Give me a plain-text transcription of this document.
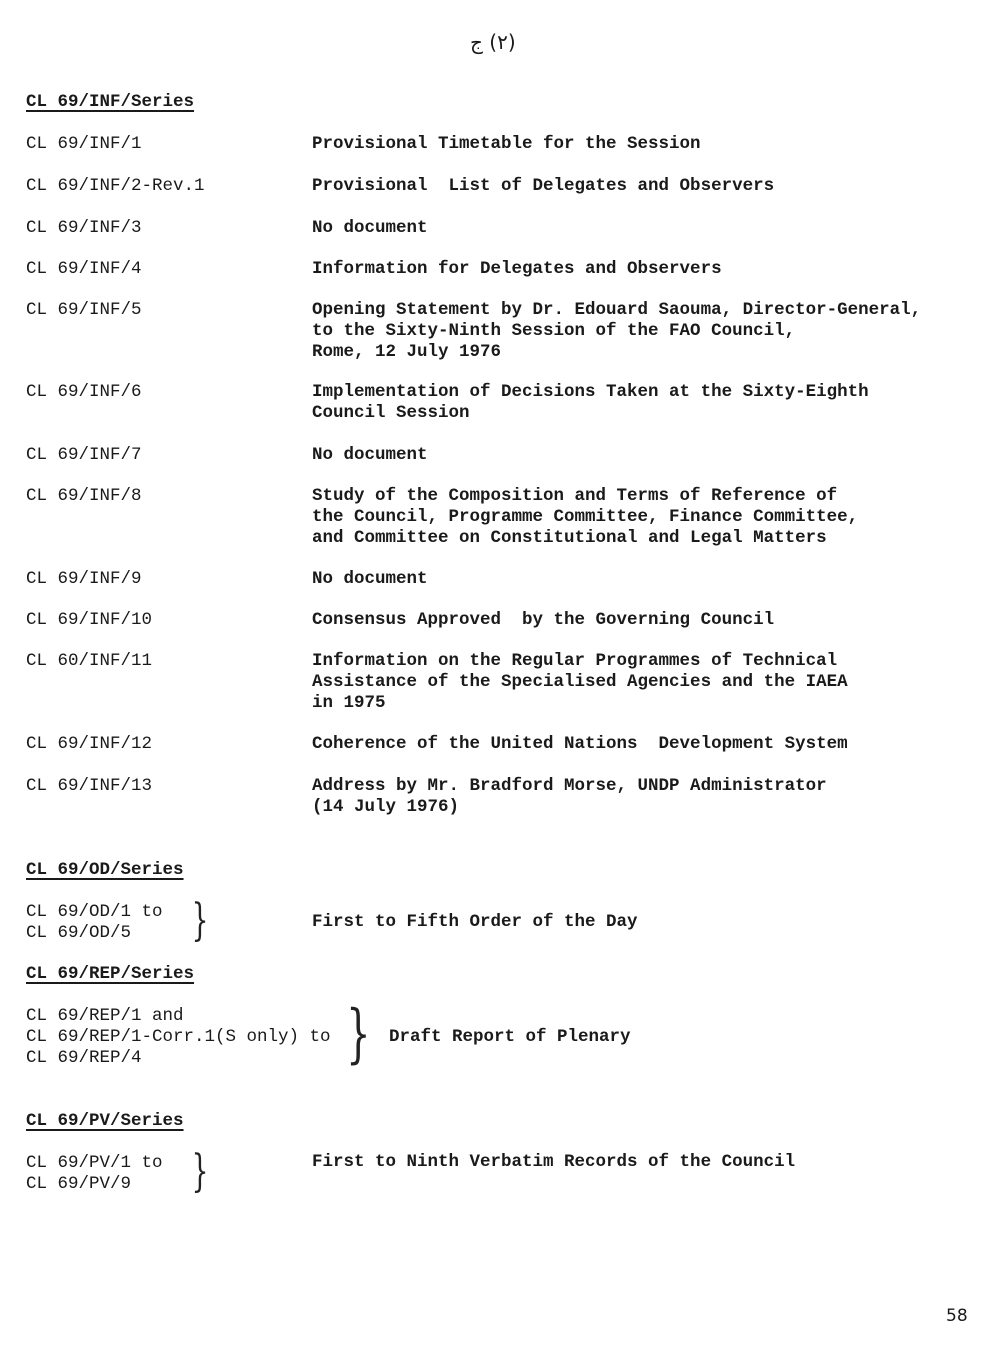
(٢) ج
CL 69/INF/Series
CL 69/INF/1	Provisional Timetable for the Session
CL 69/INF/2-Rev.1	Provisional  List of Delegates and Observers
CL 69/INF/3	No document
CL 69/INF/4	Information for Delegates and Observers
CL 69/INF/5	Opening Statement by Dr. Edouard Saouma, Director-General,
to the Sixty-Ninth Session of the FAO Council,
Rome, 12 July 1976
CL 69/INF/6	Implementation of Decisions Taken at the Sixty-Eighth
Council Session
CL 69/INF/7	No document
CL 69/INF/8	Study of the Composition and Terms of Reference of
the Council, Programme Committee, Finance Committee,
and Committee on Constitutional and Legal Matters
CL 69/INF/9	No document
CL 69/INF/10	Consensus Approved  by the Governing Council
CL 60/INF/11	Information on the Regular Programmes of Technical
Assistance of the Specialised Agencies and the IAEA
in 1975
CL 69/INF/12	Coherence of the United Nations  Development System
CL 69/INF/13	Address by Mr. Bradford Morse, UNDP Administrator
(14 July 1976)
CL 69/OD/Series
CL 69/OD/1 to
CL 69/OD/5	}	First to Fifth Order of the Day
CL 69/REP/Series
CL 69/REP/1 and
CL 69/REP/1-Corr.1(S only) to
CL 69/REP/4	} Draft Report of Plenary
CL 69/PV/Series
CL 69/PV/1 to
CL 69/PV/9	}	First to Ninth Verbatim Records of the Council
58
